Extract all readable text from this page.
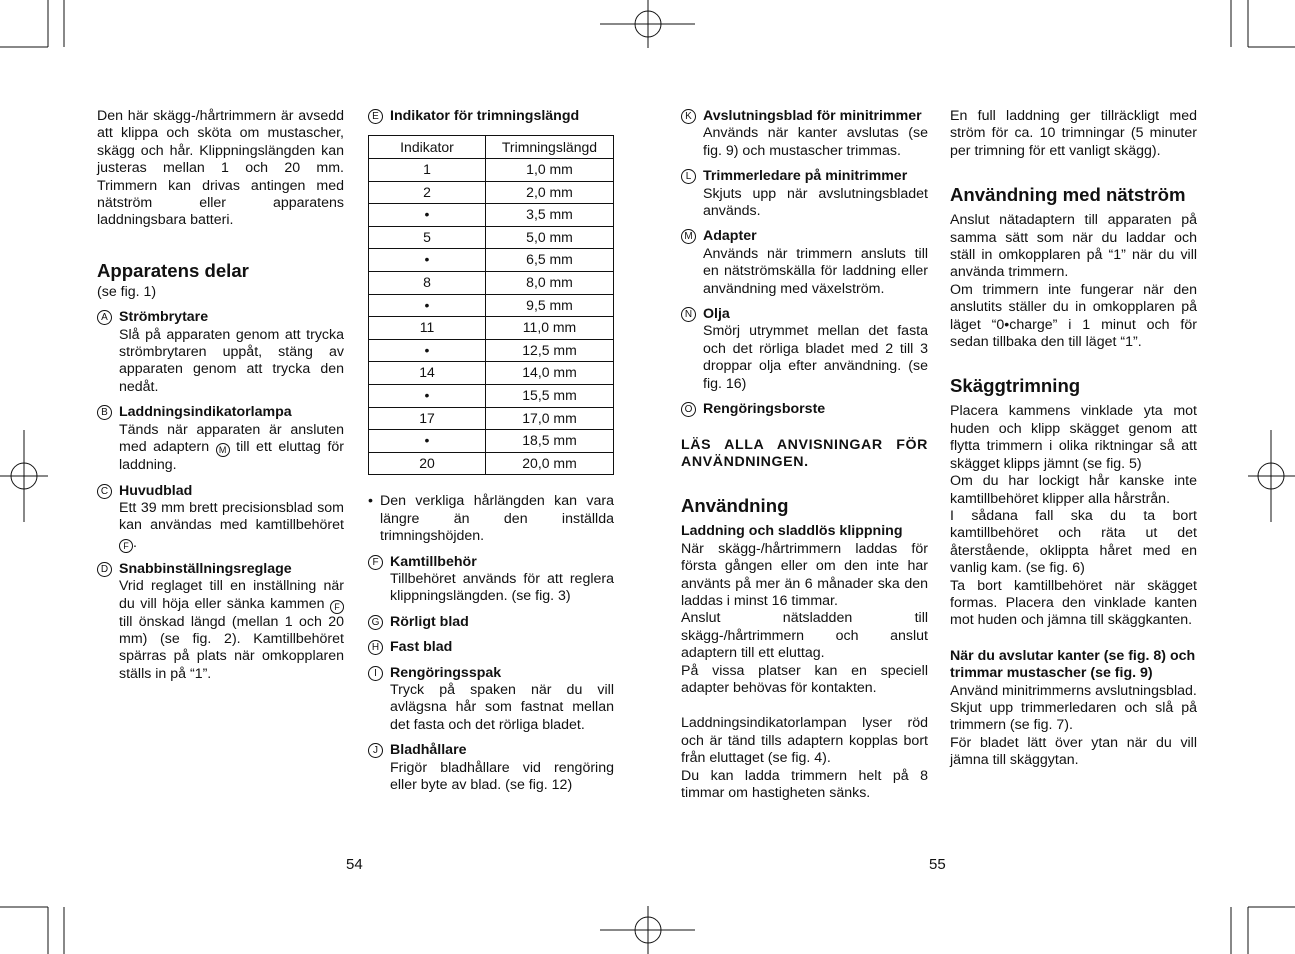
Den här skägg-/hårtrimmern är avsedd att klippa och sköta om mustascher, skägg och hår. Klippningslängden kan justeras mellan 1 och 20 mm. Trimmern kan drivas antingen med nätström eller apparatens laddningsbara batteri.

Apparatens delar

(se fig. 1)

A Strömbrytare
Slå på apparaten genom att trycka strömbrytaren uppåt, stäng av apparaten genom att trycka den nedåt.
B Laddningsindikatorlampa
Tänds när apparaten är ansluten med adaptern M till ett eluttag för laddning.
C Huvudblad
Ett 39 mm brett precisionsblad som kan användas med kamtillbehöret F .
D Snabbinställningsreglage
Vrid reglaget till en inställning när du vill höja eller sänka kammen F till önskad längd (mellan 1 och 20 mm) (se fig. 2). Kamtillbehöret spärras på plats när omkopplaren ställs in på “1”.
E Indikator för trimningslängd
Indikator	Trimningslängd
1	1,0 mm
2	2,0 mm
•	3,5 mm
5	5,0 mm
•	6,5 mm
8	8,0 mm
•	9,5 mm
11	11,0 mm
•	12,5 mm
14	14,0 mm
•	15,5 mm
17	17,0 mm
•	18,5 mm
20	20,0 mm
• Den verkliga hårlängden kan vara längre än den inställda trimningshöjden.
F Kamtillbehör
Tillbehöret används för att reglera klippningslängden. (se fig. 3)
G Rörligt blad
H Fast blad
I Rengöringsspak
Tryck på spaken när du vill avlägsna hår som fastnat mellan det fasta och det rörliga bladet.
J Bladhållare
Frigör bladhållare vid rengöring eller byte av blad. (se fig. 12)
K Avslutningsblad för minitrimmer
Används när kanter avslutas (se fig. 9) och mustascher trimmas.
L Trimmerledare på minitrimmer
Skjuts upp när avslutningsbladet används.
M Adapter
Används när trimmern ansluts till en nätströmskälla för laddning eller användning med växelström.
N Olja
Smörj utrymmet mellan det fasta och det rörliga bladet med 2 till 3 droppar olja efter användning. (se fig. 16)
O Rengöringsborste

LÄS ALLA ANVISNINGAR FÖR ANVÄNDNINGEN.

Användning

Laddning och sladdlös klippning

När skägg-/hårtrimmern laddas för första gången eller om den inte har använts på mer än 6 månader ska den laddas i minst 16 timmar.

Anslut nätsladden till skägg-/hårtrimmern och anslut adaptern till ett eluttag.

På vissa platser kan en speciell adapter behövas för kontakten.

Laddningsindikatorlampan lyser röd och är tänd tills adaptern kopplas bort från eluttaget (se fig. 4).

Du kan ladda trimmern helt på 8 timmar om hastigheten sänks.

En full laddning ger tillräckligt med ström för ca. 10 trimningar (5 minuter per trimning för ett vanligt skägg).

Användning med nätström

Anslut nätadaptern till apparaten på samma sätt som när du laddar och ställ in omkopplaren på “1” när du vill använda trimmern.

Om trimmern inte fungerar när den anslutits ställer du in omkopplaren på läget “0•charge” i 1 minut och för sedan tillbaka den till läget “1”.

Skäggtrimning

Placera kammens vinklade yta mot huden och klipp skägget genom att flytta trimmern i olika riktningar så att skägget klipps jämnt (se fig. 5)

Om du har lockigt hår kanske inte kamtillbehöret klipper alla hårstrån.

I sådana fall ska du ta bort kamtillbehöret och räta ut det återstående, oklippta håret med en vanlig kam. (se fig. 6)

Ta bort kamtillbehöret när skägget formas. Placera den vinklade kanten mot huden och jämna till skäggkanten.

När du avslutar kanter (se fig. 8) och trimmar mustascher (se fig. 9)

Använd minitrimmerns avslutningsblad.

Skjut upp trimmerledaren och slå på trimmern (se fig. 7).

För bladet lätt över ytan när du vill jämna till skäggytan.

54	55
